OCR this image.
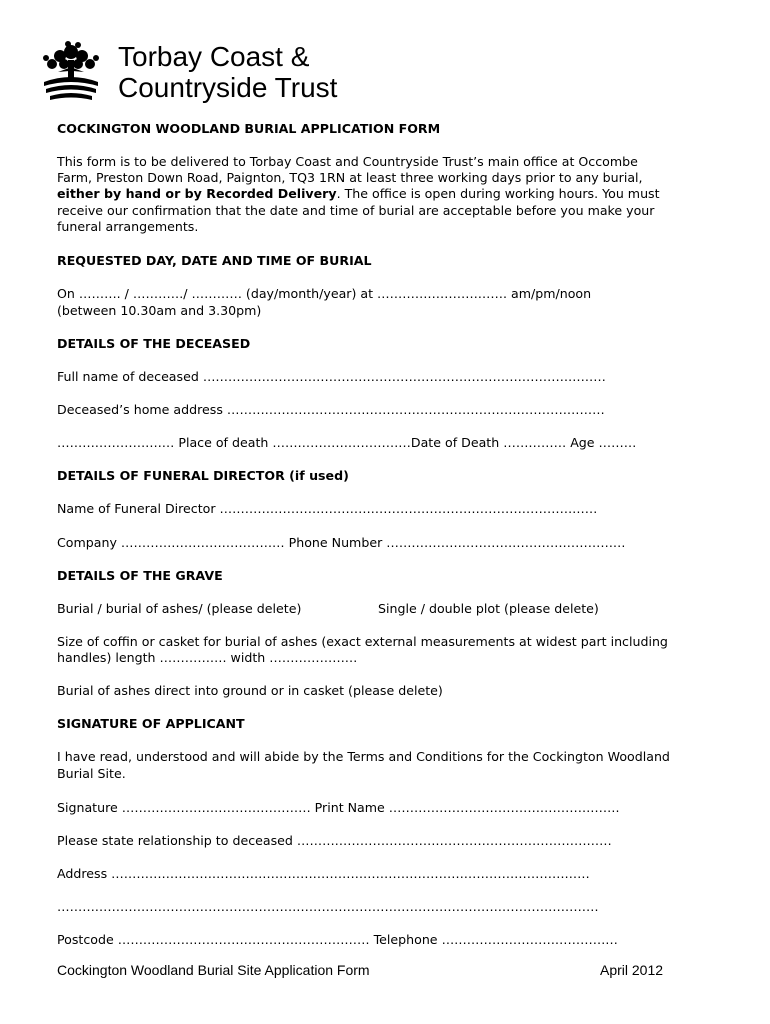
Torbay Coast &
Countryside Trust
COCKINGTON WOODLAND BURIAL APPLICATION FORM
This form is to be delivered to Torbay Coast and Countryside Trust’s main office at Occombe
Farm, Preston Down Road, Paignton, TQ3 1RN at least three working days prior to any burial,
either by hand or by Recorded Delivery. The office is open during working hours. You must
receive our confirmation that the date and time of burial are acceptable before you make your
funeral arrangements.
REQUESTED DAY, DATE AND TIME OF BURIAL
On ………. / …………/ ………… (day/month/year) at …………………………. am/pm/noon
(between 10.30am and 3.30pm)
DETAILS OF THE DECEASED
Full name of deceased ……………………………………………………………………………………
Deceased’s home address ………………………………………………………………………………
…………………….… Place of death ……………………………Date of Death …………… Age ………
DETAILS OF FUNERAL DIRECTOR (if used)
Name of Funeral Director ………………………………………………………………………………
Company ………………………………… Phone Number …………………………………………………
DETAILS OF THE GRAVE
Burial / burial of ashes/ (please delete)	Single / double plot (please delete)
Size of coffin or casket for burial of ashes (exact external measurements at widest part including
handles) length ……………. width …………………
Burial of ashes direct into ground or in casket (please delete)
SIGNATURE OF APPLICANT
I have read, understood and will abide by the Terms and Conditions for the Cockington Woodland
Burial Site.
Signature ……………………………………… Print Name ……………………………………………….
Please state relationship to deceased …………………………………………………………………
Address ……………………………………………………………………………………………………
…………………………………………………………………………………………………………………
Postcode …………………………………………………… Telephone ……………………………………
Cockington Woodland Burial Site Application Form	April 2012
